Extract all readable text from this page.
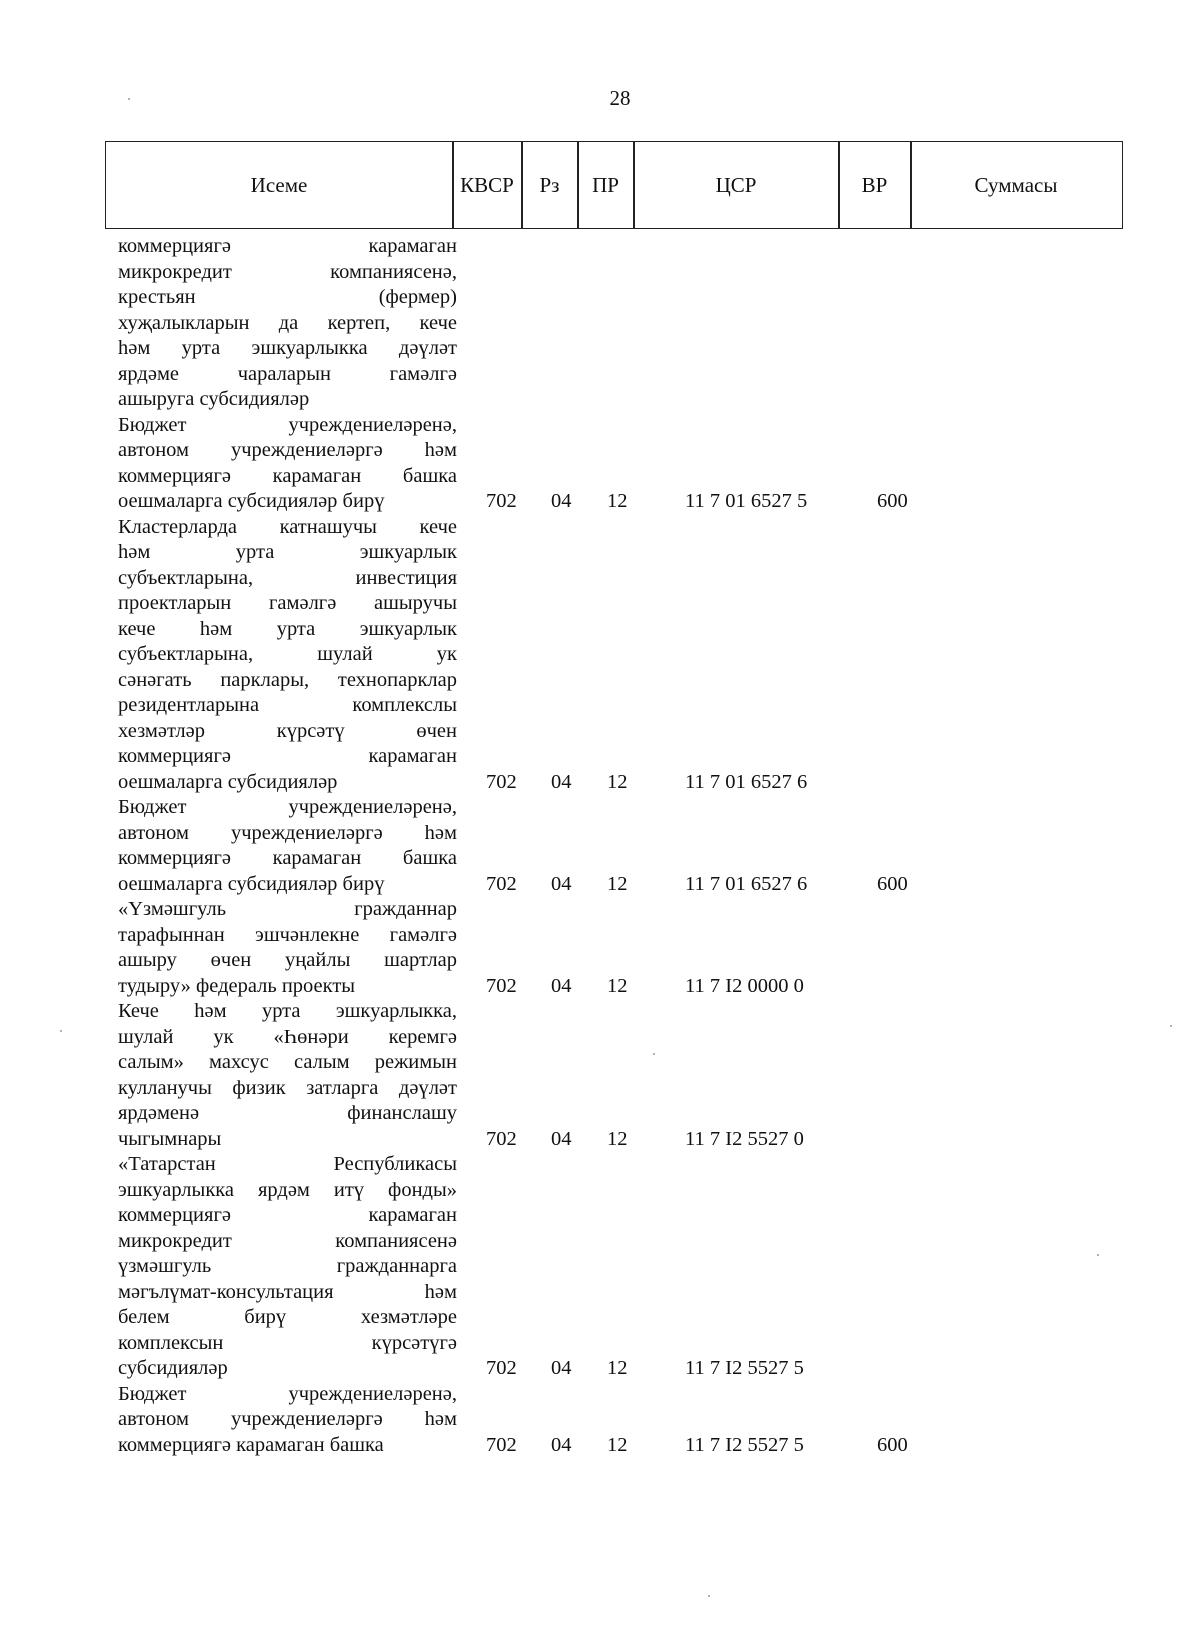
28
Исеме	КВСР	Рз	ПР	ЦСР	ВР	Суммасы
коммерциягә карамаган
микрокредит компаниясенә,
крестьян (фермер)
хуҗалыкларын да кертеп, кече
һәм урта эшкуарлыкка дәүләт
ярдәме чараларын гамәлгә
ашыруга субсидияләр
Бюджет учреждениеләренә,
автоном учреждениеләргә һәм
коммерциягә карамаган башка
оешмаларга субсидияләр бирү	702 04 12	11 7 01 6527 5	600
Кластерларда катнашучы кече
һәм урта эшкуарлык
субъектларына, инвестиция
проектларын гамәлгә ашыручы
кече һәм урта эшкуарлык
субъектларына, шулай ук
сәнәгать парклары, технопарклар
резидентларына комплекслы
хезмәтләр күрсәтү өчен
коммерциягә карамаган
оешмаларга субсидияләр	702 04 12	11 7 01 6527 6
Бюджет учреждениеләренә,
автоном учреждениеләргә һәм
коммерциягә карамаган башка
оешмаларга субсидияләр бирү	702 04 12	11 7 01 6527 6	600
«Үзмәшгуль гражданнар
тарафыннан эшчәнлекне гамәлгә
ашыру өчен уңайлы шартлар
тудыру» федераль проекты	702 04 12	11 7 I2 0000 0
Кече һәм урта эшкуарлыкка,
шулай ук «Һөнәри керемгә
салым» махсус салым режимын
кулланучы физик затларга дәүләт
ярдәменә финанслашу
чыгымнары	702 04 12	11 7 I2 5527 0
«Татарстан Республикасы
эшкуарлыкка ярдәм итү фонды»
коммерциягә карамаган
микрокредит компаниясенә
үзмәшгуль гражданнарга
мәгълүмат-консультация һәм
белем бирү хезмәтләре
комплексын күрсәтүгә
субсидияләр	702 04 12	11 7 I2 5527 5
Бюджет учреждениеләренә,
автоном учреждениеләргә һәм
коммерциягә карамаган башка	702 04 12	11 7 I2 5527 5	600
